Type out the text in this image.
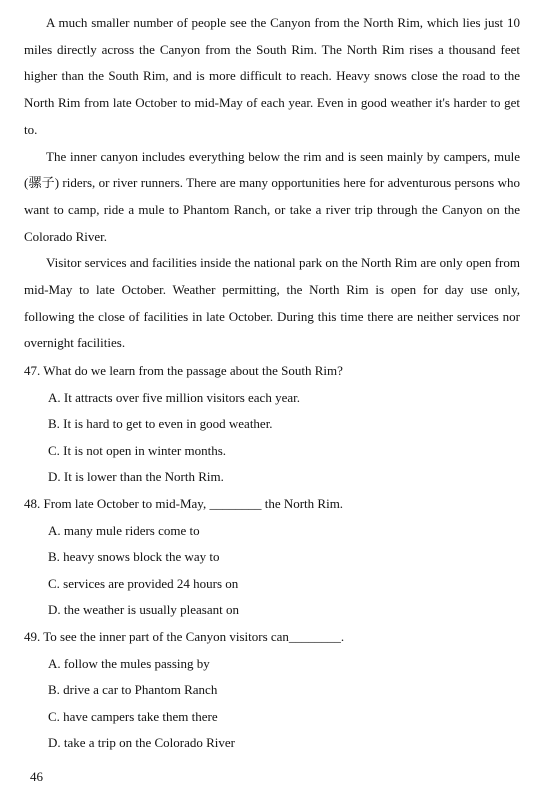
A much smaller number of people see the Canyon from the North Rim, which lies just 10 miles directly across the Canyon from the South Rim. The North Rim rises a thousand feet higher than the South Rim, and is more difficult to reach. Heavy snows close the road to the North Rim from late October to mid-May of each year. Even in good weather it's harder to get to.

The inner canyon includes everything below the rim and is seen mainly by campers, mule (骡子) riders, or river runners. There are many opportunities here for adventurous persons who want to camp, ride a mule to Phantom Ranch, or take a river trip through the Canyon on the Colorado River.

Visitor services and facilities inside the national park on the North Rim are only open from mid-May to late October. Weather permitting, the North Rim is open for day use only, following the close of facilities in late October. During this time there are neither services nor overnight facilities.

47. What do we learn from the passage about the South Rim?

A. It attracts over five million visitors each year.

B. It is hard to get to even in good weather.

C. It is not open in winter months.

D. It is lower than the North Rim.

48. From late October to mid-May, ________ the North Rim.

A. many mule riders come to

B. heavy snows block the way to

C. services are provided 24 hours on

D. the weather is usually pleasant on

49. To see the inner part of the Canyon visitors can________.

A. follow the mules passing by

B. drive a car to Phantom Ranch

C. have campers take them there

D. take a trip on the Colorado River

46
